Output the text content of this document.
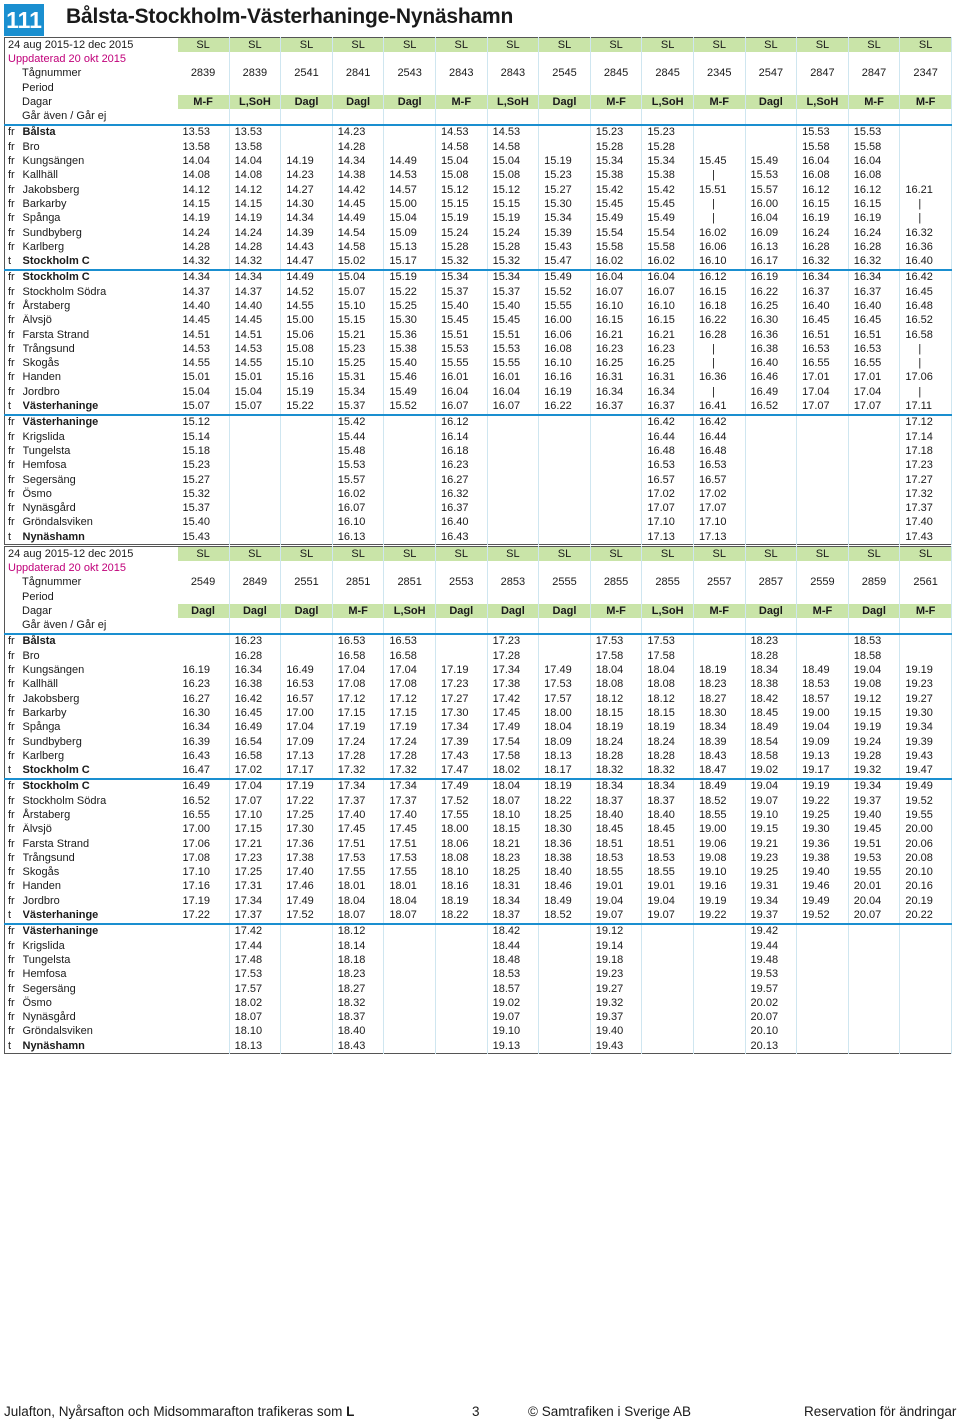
111 Bålsta-Stockholm-Västerhaninge-Nynäshamn
24 aug 2015-12 dec 2015		SL	SL	SL	SL	SL	SL	SL	SL	SL	SL	SL	SL	SL	SL	SL
Uppdaterad 20 okt 2015																
Tågnummer		2839	2839	2541	2841	2543	2843	2843	2545	2845	2845	2345	2547	2847	2847	2347
Period																
Dagar		M-F	L,SoH	Dagl	Dagl	Dagl	M-F	L,SoH	Dagl	M-F	L,SoH	M-F	Dagl	L,SoH	M-F	M-F
Går även / Går ej																
fr	Bålsta	13.53	13.53		14.23		14.53	14.53		15.23	15.23			15.53	15.53	
fr	Bro	13.58	13.58		14.28		14.58	14.58		15.28	15.28			15.58	15.58	
fr	Kungsängen	14.04	14.04	14.19	14.34	14.49	15.04	15.04	15.19	15.34	15.34	15.45	15.49	16.04	16.04	
fr	Kallhäll	14.08	14.08	14.23	14.38	14.53	15.08	15.08	15.23	15.38	15.38	|	15.53	16.08	16.08	
fr	Jakobsberg	14.12	14.12	14.27	14.42	14.57	15.12	15.12	15.27	15.42	15.42	15.51	15.57	16.12	16.12	16.21
fr	Barkarby	14.15	14.15	14.30	14.45	15.00	15.15	15.15	15.30	15.45	15.45	|	16.00	16.15	16.15	|
fr	Spånga	14.19	14.19	14.34	14.49	15.04	15.19	15.19	15.34	15.49	15.49	|	16.04	16.19	16.19	|
fr	Sundbyberg	14.24	14.24	14.39	14.54	15.09	15.24	15.24	15.39	15.54	15.54	16.02	16.09	16.24	16.24	16.32
fr	Karlberg	14.28	14.28	14.43	14.58	15.13	15.28	15.28	15.43	15.58	15.58	16.06	16.13	16.28	16.28	16.36
t	Stockholm C	14.32	14.32	14.47	15.02	15.17	15.32	15.32	15.47	16.02	16.02	16.10	16.17	16.32	16.32	16.40
fr	Stockholm C	14.34	14.34	14.49	15.04	15.19	15.34	15.34	15.49	16.04	16.04	16.12	16.19	16.34	16.34	16.42
fr	Stockholm Södra	14.37	14.37	14.52	15.07	15.22	15.37	15.37	15.52	16.07	16.07	16.15	16.22	16.37	16.37	16.45
fr	Årstaberg	14.40	14.40	14.55	15.10	15.25	15.40	15.40	15.55	16.10	16.10	16.18	16.25	16.40	16.40	16.48
fr	Älvsjö	14.45	14.45	15.00	15.15	15.30	15.45	15.45	16.00	16.15	16.15	16.22	16.30	16.45	16.45	16.52
fr	Farsta Strand	14.51	14.51	15.06	15.21	15.36	15.51	15.51	16.06	16.21	16.21	16.28	16.36	16.51	16.51	16.58
fr	Trångsund	14.53	14.53	15.08	15.23	15.38	15.53	15.53	16.08	16.23	16.23	|	16.38	16.53	16.53	|
fr	Skogås	14.55	14.55	15.10	15.25	15.40	15.55	15.55	16.10	16.25	16.25	|	16.40	16.55	16.55	|
fr	Handen	15.01	15.01	15.16	15.31	15.46	16.01	16.01	16.16	16.31	16.31	16.36	16.46	17.01	17.01	17.06
fr	Jordbro	15.04	15.04	15.19	15.34	15.49	16.04	16.04	16.19	16.34	16.34	|	16.49	17.04	17.04	|
t	Västerhaninge	15.07	15.07	15.22	15.37	15.52	16.07	16.07	16.22	16.37	16.37	16.41	16.52	17.07	17.07	17.11
fr	Västerhaninge	15.12			15.42		16.12				16.42	16.42				17.12
fr	Krigslida	15.14			15.44		16.14				16.44	16.44				17.14
fr	Tungelsta	15.18			15.48		16.18				16.48	16.48				17.18
fr	Hemfosa	15.23			15.53		16.23				16.53	16.53				17.23
fr	Segersäng	15.27			15.57		16.27				16.57	16.57				17.27
fr	Ösmo	15.32			16.02		16.32				17.02	17.02				17.32
fr	Nynäsgård	15.37			16.07		16.37				17.07	17.07				17.37
fr	Gröndalsviken	15.40			16.10		16.40				17.10	17.10				17.40
t	Nynäshamn	15.43			16.13		16.43				17.13	17.13				17.43
24 aug 2015-12 dec 2015		SL	SL	SL	SL	SL	SL	SL	SL	SL	SL	SL	SL	SL	SL	SL
Uppdaterad 20 okt 2015																
Tågnummer		2549	2849	2551	2851	2851	2553	2853	2555	2855	2855	2557	2857	2559	2859	2561
Period																
Dagar		Dagl	Dagl	Dagl	M-F	L,SoH	Dagl	Dagl	Dagl	M-F	L,SoH	M-F	Dagl	M-F	Dagl	M-F
Går även / Går ej																
fr	Bålsta		16.23		16.53	16.53		17.23		17.53	17.53		18.23		18.53	
fr	Bro		16.28		16.58	16.58		17.28		17.58	17.58		18.28		18.58	
fr	Kungsängen	16.19	16.34	16.49	17.04	17.04	17.19	17.34	17.49	18.04	18.04	18.19	18.34	18.49	19.04	19.19
fr	Kallhäll	16.23	16.38	16.53	17.08	17.08	17.23	17.38	17.53	18.08	18.08	18.23	18.38	18.53	19.08	19.23
fr	Jakobsberg	16.27	16.42	16.57	17.12	17.12	17.27	17.42	17.57	18.12	18.12	18.27	18.42	18.57	19.12	19.27
fr	Barkarby	16.30	16.45	17.00	17.15	17.15	17.30	17.45	18.00	18.15	18.15	18.30	18.45	19.00	19.15	19.30
fr	Spånga	16.34	16.49	17.04	17.19	17.19	17.34	17.49	18.04	18.19	18.19	18.34	18.49	19.04	19.19	19.34
fr	Sundbyberg	16.39	16.54	17.09	17.24	17.24	17.39	17.54	18.09	18.24	18.24	18.39	18.54	19.09	19.24	19.39
fr	Karlberg	16.43	16.58	17.13	17.28	17.28	17.43	17.58	18.13	18.28	18.28	18.43	18.58	19.13	19.28	19.43
t	Stockholm C	16.47	17.02	17.17	17.32	17.32	17.47	18.02	18.17	18.32	18.32	18.47	19.02	19.17	19.32	19.47
fr	Stockholm C	16.49	17.04	17.19	17.34	17.34	17.49	18.04	18.19	18.34	18.34	18.49	19.04	19.19	19.34	19.49
fr	Stockholm Södra	16.52	17.07	17.22	17.37	17.37	17.52	18.07	18.22	18.37	18.37	18.52	19.07	19.22	19.37	19.52
fr	Årstaberg	16.55	17.10	17.25	17.40	17.40	17.55	18.10	18.25	18.40	18.40	18.55	19.10	19.25	19.40	19.55
fr	Älvsjö	17.00	17.15	17.30	17.45	17.45	18.00	18.15	18.30	18.45	18.45	19.00	19.15	19.30	19.45	20.00
fr	Farsta Strand	17.06	17.21	17.36	17.51	17.51	18.06	18.21	18.36	18.51	18.51	19.06	19.21	19.36	19.51	20.06
fr	Trångsund	17.08	17.23	17.38	17.53	17.53	18.08	18.23	18.38	18.53	18.53	19.08	19.23	19.38	19.53	20.08
fr	Skogås	17.10	17.25	17.40	17.55	17.55	18.10	18.25	18.40	18.55	18.55	19.10	19.25	19.40	19.55	20.10
fr	Handen	17.16	17.31	17.46	18.01	18.01	18.16	18.31	18.46	19.01	19.01	19.16	19.31	19.46	20.01	20.16
fr	Jordbro	17.19	17.34	17.49	18.04	18.04	18.19	18.34	18.49	19.04	19.04	19.19	19.34	19.49	20.04	20.19
t	Västerhaninge	17.22	17.37	17.52	18.07	18.07	18.22	18.37	18.52	19.07	19.07	19.22	19.37	19.52	20.07	20.22
fr	Västerhaninge		17.42		18.12			18.42		19.12			19.42			
fr	Krigslida		17.44		18.14			18.44		19.14			19.44			
fr	Tungelsta		17.48		18.18			18.48		19.18			19.48			
fr	Hemfosa		17.53		18.23			18.53		19.23			19.53			
fr	Segersäng		17.57		18.27			18.57		19.27			19.57			
fr	Ösmo		18.02		18.32			19.02		19.32			20.02			
fr	Nynäsgård		18.07		18.37			19.07		19.37			20.07			
fr	Gröndalsviken		18.10		18.40			19.10		19.40			20.10			
t	Nynäshamn		18.13		18.43			19.13		19.43			20.13			
Julafton, Nyårsafton och Midsommarafton trafikeras som L	3	© Samtrafiken i Sverige AB	Reservation för ändringar
